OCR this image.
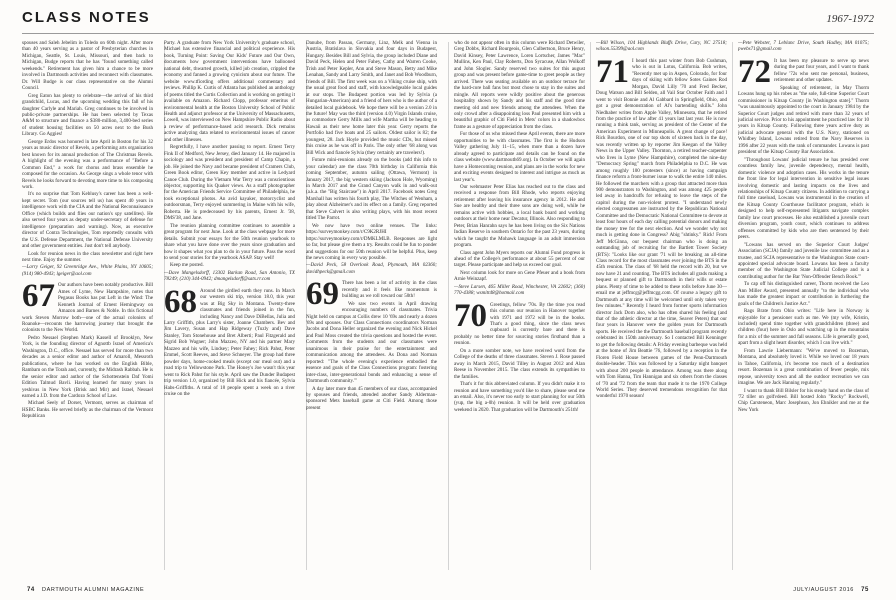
CLASS NOTES	1967-1972

spouses and Saleh Jebelim in Toledo on 60th night. After more than 40 years serving as a pastor of Presbyterian churches in Michigan, Seattle, St. Louis, Missouri, and then back to Michigan, Budge reports that he has "found something called weekends." Retirement has given him a chance to be more involved in Dartmouth activities and reconnect with classmates. Dr. Will Budge is our class representative on the Alumni Council.

Greg Eaton has plenty to celebrate—the arrival of his third grandchild, Lucas, and the upcoming wedding this fall of his daughter Carlyle and Mariah. Greg continues to be involved in public-private partnerships. He has been selected by Texas A&M to structure and finance a $380-million, 3,400-bed series of student housing facilities on 50 acres next to the Bush Library. Go Aggies!

George Erdos was honored in late April in Boston for his 32 years as music director of Revels, a performing arts organization best known for its annual production of The Christmas Revels. A highlight of the evening was a performance of "Before a Common End," a work for chorus and brass ensemble he composed for the occasion. As George sings a whole tenor with Revels he looks forward to devoting more time to his composing work.

It's no surprise that Tom Keblusy's career has been a well-kept secret. Tom (our sources tell us) has spent 40 years in intelligence work with the CIA and the National Reconnaissance Office (which builds and flies our nation's spy satellites). He also served four years as deputy under-secretary of defense for intelligence (preparation and warning). Now, as executive director of Contra Technologies, Tom reportedly consults with the U.S. Defense Department, the National Defense University and other government entities. Just don't tell anybody.

Look for reunion news in the class newsletter and right here next time. Enjoy the summer.

—Larry Geiger, 92 Greenridge Ave., White Plains, NY 10605; (914) 980-4943; lgeiger@aol.com

67 Our authors have been notably productive. Bill Ames of Lyme, New Hampshire, notes that Pegasus Books has put Left in the Wind: The Kenneth Journal of Ernest Hemingway on Amazon and Barnes & Noble. In this fictional work Steven Morrow both—one of the actual colonists of Roanoke—recounts the harrowing journey that brought the colonists to the New World.

Pedro Nessael (Stephen Mark) Kassell of Brooklyn, New York, is the founding director of Agnottb Israel of America's Washington, D.C., office. Nessael has served for more than two decades as a senior editor and author of Amaroll, Messroth publications, where he has worked on the English Bible, Rambam on the Torah and, currently, the Midrash Rabbah. He is the senior editor and author of the Schottenstein Daf Yomi Edition Talmud Bavli. Having learned for many years in yeshivas in New York (Brisk and Mir) and Israel, Nessael earned a J.D. from the Cardozo School of Law.

Michael Seely of Dorset, Vermont, serves as chairman of HSBC Banks. He served briefly as the chairman of the Vermont Republican

Party. A graduate from New York University's graduate school, Michael has extensive financial and political experience. His book, Turning Point: Saving Our Kids' Future and Our Own, documents how government interventions have ballooned national debt, thwarted growth, killed job creation, crippled the economy and fanned a growing cynicism about our future. The website www.tfiording offers additional commentary and reviews. Phillip K. Curtis of Atlanta has published an anthology of poems titled the Curtis Collection and is working on getting it available on Amazon. Richard Clopp, professor emeritus of environmental health at the Boston University School of Public Health and adjunct professor at the University of Massachusetts, Lowell, was interviewed on New Hampshire Public Radio about a review of performance-based acid research. Dick remains active analyzing data related to environmental issues of cancer and other illnesses.

Regretfully, I have another passing to report. Ernest Terry Fink II of Medford, New Jersey, died January 14. He majored in sociology and was president and president of Camp Chapin, a job. He joined the Navy and became president of Cramers Club, Green Book editor, Green Key member and active in Ledyard Canoe Club. During the Vietnam War Terry was a conscientious objector, supporting his Quaker views. As a staff photographer for the American Friends Service Committee of Philadelphia, he took exceptional photos. An avid kayaker, motorcyclist and outdoorsman, Terry enjoyed summering in Maine with his wife, Roberta. He is predeceased by his parents, Ernest Jr. '38, DMS'38, and Jane.

The reunion planning committee continues to assemble a great program for next June. Look at the class webpage for more details. Submit your essays for the 50th reunion yearbook to share what you have done over the years since graduation and how it shapes what you plan to do in your future. Pass the word to send your stories for the yearbook ASAP. Stay well!

Keep me posted.

—Dave Mangelsdorff, 13302 Barkan Road, San Antonio, TX 78249; (210) 344-0942; dmangelsdorff@satx.rr.com

68 Around the girdled earth they runs. In March our western ski trip, version 18.0, this year was at Big Sky in Montana. Twenty-three classmates and friends joined in the fun, including Nancy and Dave DiBellas, Julia and Larry Griffith, plus Larry's sister, Joanne Chambers. Bev and Jim Lavery, Susan and Hap Ridgeway (Tuzly and) Dave Stanley, Tom Stonehouse and Bret Alberti; Paul Fitzgerald and Sigrid Bob Wagner; John Mazzeo, NY and his partner Mary Mazzeo and his wife, Lindsey; Peter Fahey; Rick Pahst, Peter Emmel, Scott Reeves, and Steve Schneyer. The group had three powder days, home-cooked meals (except our meal out) and a road trip to Yellowstone Park. The Honey's Joe wasn't this year went to Rick Pahst for his style. April saw the Dunder Budapest trip version 1.0, organized by Bill Hick and his fiancée, Sylvia Habs-Griffiths. A total of 18 people spent a week on a river cruise on the

Danube, from Passau, Germany, Linz, Melk and Vienna in Austria, Bratislava in Slovakia and four days in Budapest, Hungary. Besides Bill and Sylvia, the group included Diane and David Peck, Helen and Peter Fahey, Cathy and Warren Cooke, Trish and Peter Kepler, Ann and Steve Mason, Betty and Mike Lenahan, Sandy and Larry Smith, and Janet and Bob Woodburn, friends of Bill. The first week was on a Viking cruise ship, with the usual great food and staff, with knowledgeable local guides at our stops. The Budapest portion was led by Sylvia (a Hungarian-American) and a friend of hers who is the author of a detailed local guidebook. We hope there will be a version 2.0 in the future! May was the third (version 4.0) Virgin Islands cruise, as commodore Gerry Mills and wife Martha will be heading to Hawaii as their new home later this year. Gerry reports the Portfolio had five boats and 25 sailors. Oldest sailor is 82; the youngest, 28. Jack Hoyle provided the music CDs, but missed this cruise as he was off in Paris. The only other '68 along was Bill Wick and fiancée Sylvia (they certainly are travelers!).

Future mini-reunions already on the books (add this info to your calendar) are the class 70th birthday in California this coming September, autumn sailing (Ottawa, Vermont) in January 2017, the big western skiing (Jackson Hole, Wyoming) in March 2017 and the Grand Canyon walk in and walk-out (a.k.a. the "Big Staircase") in April 2017. Facebook notes Greg Marshall has written his fourth play, The Witches of Wenham, a play about Alzheimer's and its effect on a family. Greg reported that Steve Calvert is also writing plays, with his most recent titled The Parrot.

We now have two online venues. The links: https://surveymonkey.com/r/C9K2RJHI and https://surveymonkey.com/r/DMKLMLB. Responses are light so far, but please give them a try. Results could be fun to ponder and suggestions for our 50th reunion will be helpful. Plus, keep the news coming in every way possible.

—David Peck, 58 Overlook Road, Plymouth, MA 02360; davidhpeck@gmail.com

69 There has been a lot of activity in the class recently and it feels like momentum is building as we roll toward our 50th!

We saw two events in April drawing encouraging numbers of classmates. Trivia Night held on campus at Collis drew 10 '69s and nearly a dozen '69s and spouses. Our Class Connections coordinators Norman Jacobs and Dona Heller organized the evening and Nick Hickel and Paul Moss created the trivia questions and hosted the event. Comments from the students and our classmates were unanimous in their praise for the entertainment and communication among the attendees. As Dona and Norman reported: "The whole evening's experience embodied the essence and goals of the Class Connections program: fostering inter-class, inter-generational bonds and enhancing a sense of 'Dartmouth community.'"

A day later more than 45 members of our class, accompanied by spouses and friends, attended another Sandy Alderman-sponsored Mets baseball game at Citi Field. Among those present

who do not appear often in this column were Richard Detwiler, Greg Dobbs, Richard Bourgeois, Glen Culbertson, Bruce Henry, David Kinsey, Peter Lawrence, Loren Lortscher, James "Mac" Mullins, Ken Paul, Clay Roberts, Don Syracuse, Allan Wolkoff and John Slogler. Sandy reserved two suites for this august group and was present before game-time to greet people as they arrived. There was seating available on an outdoor terrace for the hard-core ball fans but most chose to stay in the suites and mingle. All reports were wildly positive about the generous hospitality shown by Sandy and his staff and the good time meeting old and new friends among the attendees. When the only crowd after a disappointing loss Paul presented him with a beautiful graphic of Citi Field in Mets' colors in a shadowbox frame as a gesture of appreciation from the class.

For those of us who missed these April events, there are more opportunities to be with classmates. The first is the Hudson Valley gathering July 11–15, when more than a dozen have already agreed to participate and details can be found on the class website (www.dartmouth69.org). In October we will again have a Homecoming reunion, and plans are in the works for new and exciting events designed to interest and intrigue as much as last year's.

Our webmaster Peter Elias has reached out to the class and received a response from Bill Rhode, who reports enjoying retirement after leaving his insurance agency in 2012. He and Sue are healthy and their three sons are doing well, while he remains active with hobbies, a local bank board and working outdoors at their home near Decatur, Illinois. Also responding to Peter, Brian Hanrahn says he has been living on the Six Nations Indian Reserve in southern Ontario for the past 23 years, during which he taught the Mohawk language in an adult immersion program.

Class agent John Myers reports our Alumni Fund progress is ahead of the College's performance at about 55 percent of our target. Please participate and help us exceed our goal.

Next column look for more on Gene Pfeuer and a book from Arnie Weinzapf.

—Steve Larsen, 465 Miller Road, Winchester, VA 22602; (360) 770-4388; wsmitt48@hotmail.com

70 Greetings, fellow '70s. By the time you read this column our reunion in Hanover together with 1971 and 1972 will be in the books. That's a good thing, since the class news cupboard is currently bare and there is probably no better time for sourcing stories firsthand than a reunion.

On a more somber note, we have received word from the College of the deaths of three classmates. Steven J. Rose passed away in March 2015, David Tilley in August 2012 and Alan Reese in November 2015. The class extends its sympathies to the families.

That's it for this abbreviated column. If you didn't make it to reunion and have something you'd like to share, please send me an email. Also, it's never too early to start planning for our 50th (yup, the big a-0h) reunion. It will be held over graduation weekend in 2020. That graduation will be Dartmouth's 251th!

—Bill Wilson, 104 Highlands Bluffs Drive, Cary, NC 27518; wilson.55399@aol.com

71 I heard this past winter from Bob Cushman, who is out in Lotus, California. Bob writes, "Recently met up in Aspen, Colorado, for four days of skiing with fellow Sotes Gaines Rod Morgan, David Lilly '70 and Fred Becker, Doug Watson and Bill Selden, all Vail Star October Faith and I went to visit Bonnie and Al Gabbard in Springfield, Ohio, and got a great demonstration of Al's bartending skills." John Niedhaber writes from Apple Valley, Minnesota, that he retired from the practice of law after 41 years last last year. He is now running a think tank, serving as president of the Center of the American Experiment in Minneapolis. A great change of pace! Rick Bourdon, one of our top shots of sixteen back in the day, was recently written up by reporter Jim Keegan of the Valley News in the Upper Valley. Thornton, a retired teacher-carpenter who lives in Lyme (New Hampshire), completed the nine-day "Democracy Spring" march from Philadelphia to D.C. He was among roughly 100 protesters (since) at having campaign finance reform a front-burner issue to walk the entire 140 miles. He followed the marchers with a group that attracted more than 900 demonstrators to Washington, and was among 425 people led away in handcuffs for refusing to leave the steps of the capitol during the non-violent protest. "I understand newly elected congressmen are instructed by the Republican National Committee and the Democratic National Committee to devote at least four hours of each day calling potential donors and making the money tree for the next election. And we wonder why not much is getting done in Congress? Abig "shtinky." Rick! From Jeff McGinna, our bequest chairman who is doing an outstanding job of recruiting for the Bartlett Tower Society (BTS): "Looks like our grant '71 will be breaking an all-time Class record for the most classmates ever joining the BTS in the 45th reunion. The class of '68 held the record with 20, but we now have 21 and counting. The BTS includes all grads making a bequest or planned gift to Dartmouth in their wills or estate plans. Plenty of time to be added to these rolls before June 30—email me at jeffmcg@jeffmcgg.com. Of course a legacy gift to Dartmouth at any time will be welcomed until only taken very few minutes." Recently I heard from former sports information director Jack Dorn also, who has often shared his feeling (and that of the athletic director at the time, Seaver Peters) that our four years in Hanover were the golden years for Dartmouth sports. He received the the Dartmouth baseball program recently celebrated its 150th anniversary. So I contacted Bill Kenninger to get the following details: A Friday evening barbeque was held at the home of Jim Beattie '76, followed by a reception in the Floren Field House between games of the Penn-Dartmouth double-header. This was followed by a Saturday night banquet with about 200 people in attendance. Among was there along with Tom Hanna, Tim Hannigan and six others from the classes of '70 and '72 from the team that made it to the 1970 College World Series. They deserved tremendous recognition for that wonderful 1970 season!

—Pete Webster, 7 Leblanc Drive, South Hadley, MA 01075; pwebs71@gmail.com

72 It has been my pleasure to serve up news during the past four years, and I want to thank fellow '72s who sent me personal, business, retirement and other updates.

Speaking of retirement, in May Thorm Lowans hung up his robes as "the sole, full-time Superior Court commissioner in Kitsap County [in Washington state]." Thorm "was unanimously appointed to the court in January 1984 by the Superior Court judges and retired with more than 32 years of judicial service. Prior to his appointment he practiced law for 10 years in Kitsap County. Following three years active duty as judicial advocate general with the U.S. Navy, stationed on Whidbey Island, Lowans retired from the Navy Reserves in 1996 after 22 years with the rank of commander. Lowans is past president of the Kitsap County Bar Association.

"Throughout Lowans' judicial tenure he has presided over countless family law, juvenile dependency, mental health, domestic violence and adoption cases. His works in the tenure the front line for legal intervention in sensitive legal issues involving domestic and lasting impacts on the lives and relationships of Kitsap County citizens. In addition to carrying a full time caseload, Lowans was instrumental in the creation of the Kitsap County Courthouse facilitator program, which is designed to help self-represented litigants navigate complex family law court processes. He also established a juvenile court diversion program, youth court, which continues to address offenses committed by kids who are then sentenced by their peers.

"Lowans has served on the Superior Court Judges' Association (SCJA) family and juvenile law committee and as a trustee, and SCJA representative to the Washington State court-appointed special advocate board. Lowans has been a faculty member of the Washington State Judicial College and is a contributing author for the Bar 'Non-Offender Bench Book.'"

To cap off his distinguished career, Thorm received the Leo Ann Miller Award, presented annually "to the individual who has made the greatest impact or contribution in furthering the goals of the Children's Justice Act."

Rags Brate from Ohio writes: "Life here in Norway is enjoyable for a pensioner such as me. We (my wife, Kristin, included) spend time together with grandchildren (three) and children (four) here in Oslo and watching up in the mountains for a mix of the summer and fall seasons. Life is generally good, apart from a slight heart disorder, which I can live with."

From Lawrie Liebermann: "We've moved to Bozeman, Montana, and absolutely loved it. While we loved our 18 years in Tahoe, California, it's become too much of a destination resort. Bozeman is a great combination of fewer people, mix repose, university town and all the outdoor recreation we can imagine. We are Jack Hanning regularly."

I want to thank Bill Bilsler for his steady hand on the class of '72 tiller on golfvdeed. Bill hosted John "Rocky" Rockwell, Chip Carsteneon, Marc Josephson, Jon Ehnikler and me at the New York

74 DARTMOUTH ALUMNI MAGAZINE	JULY/AUGUST 2016 75
